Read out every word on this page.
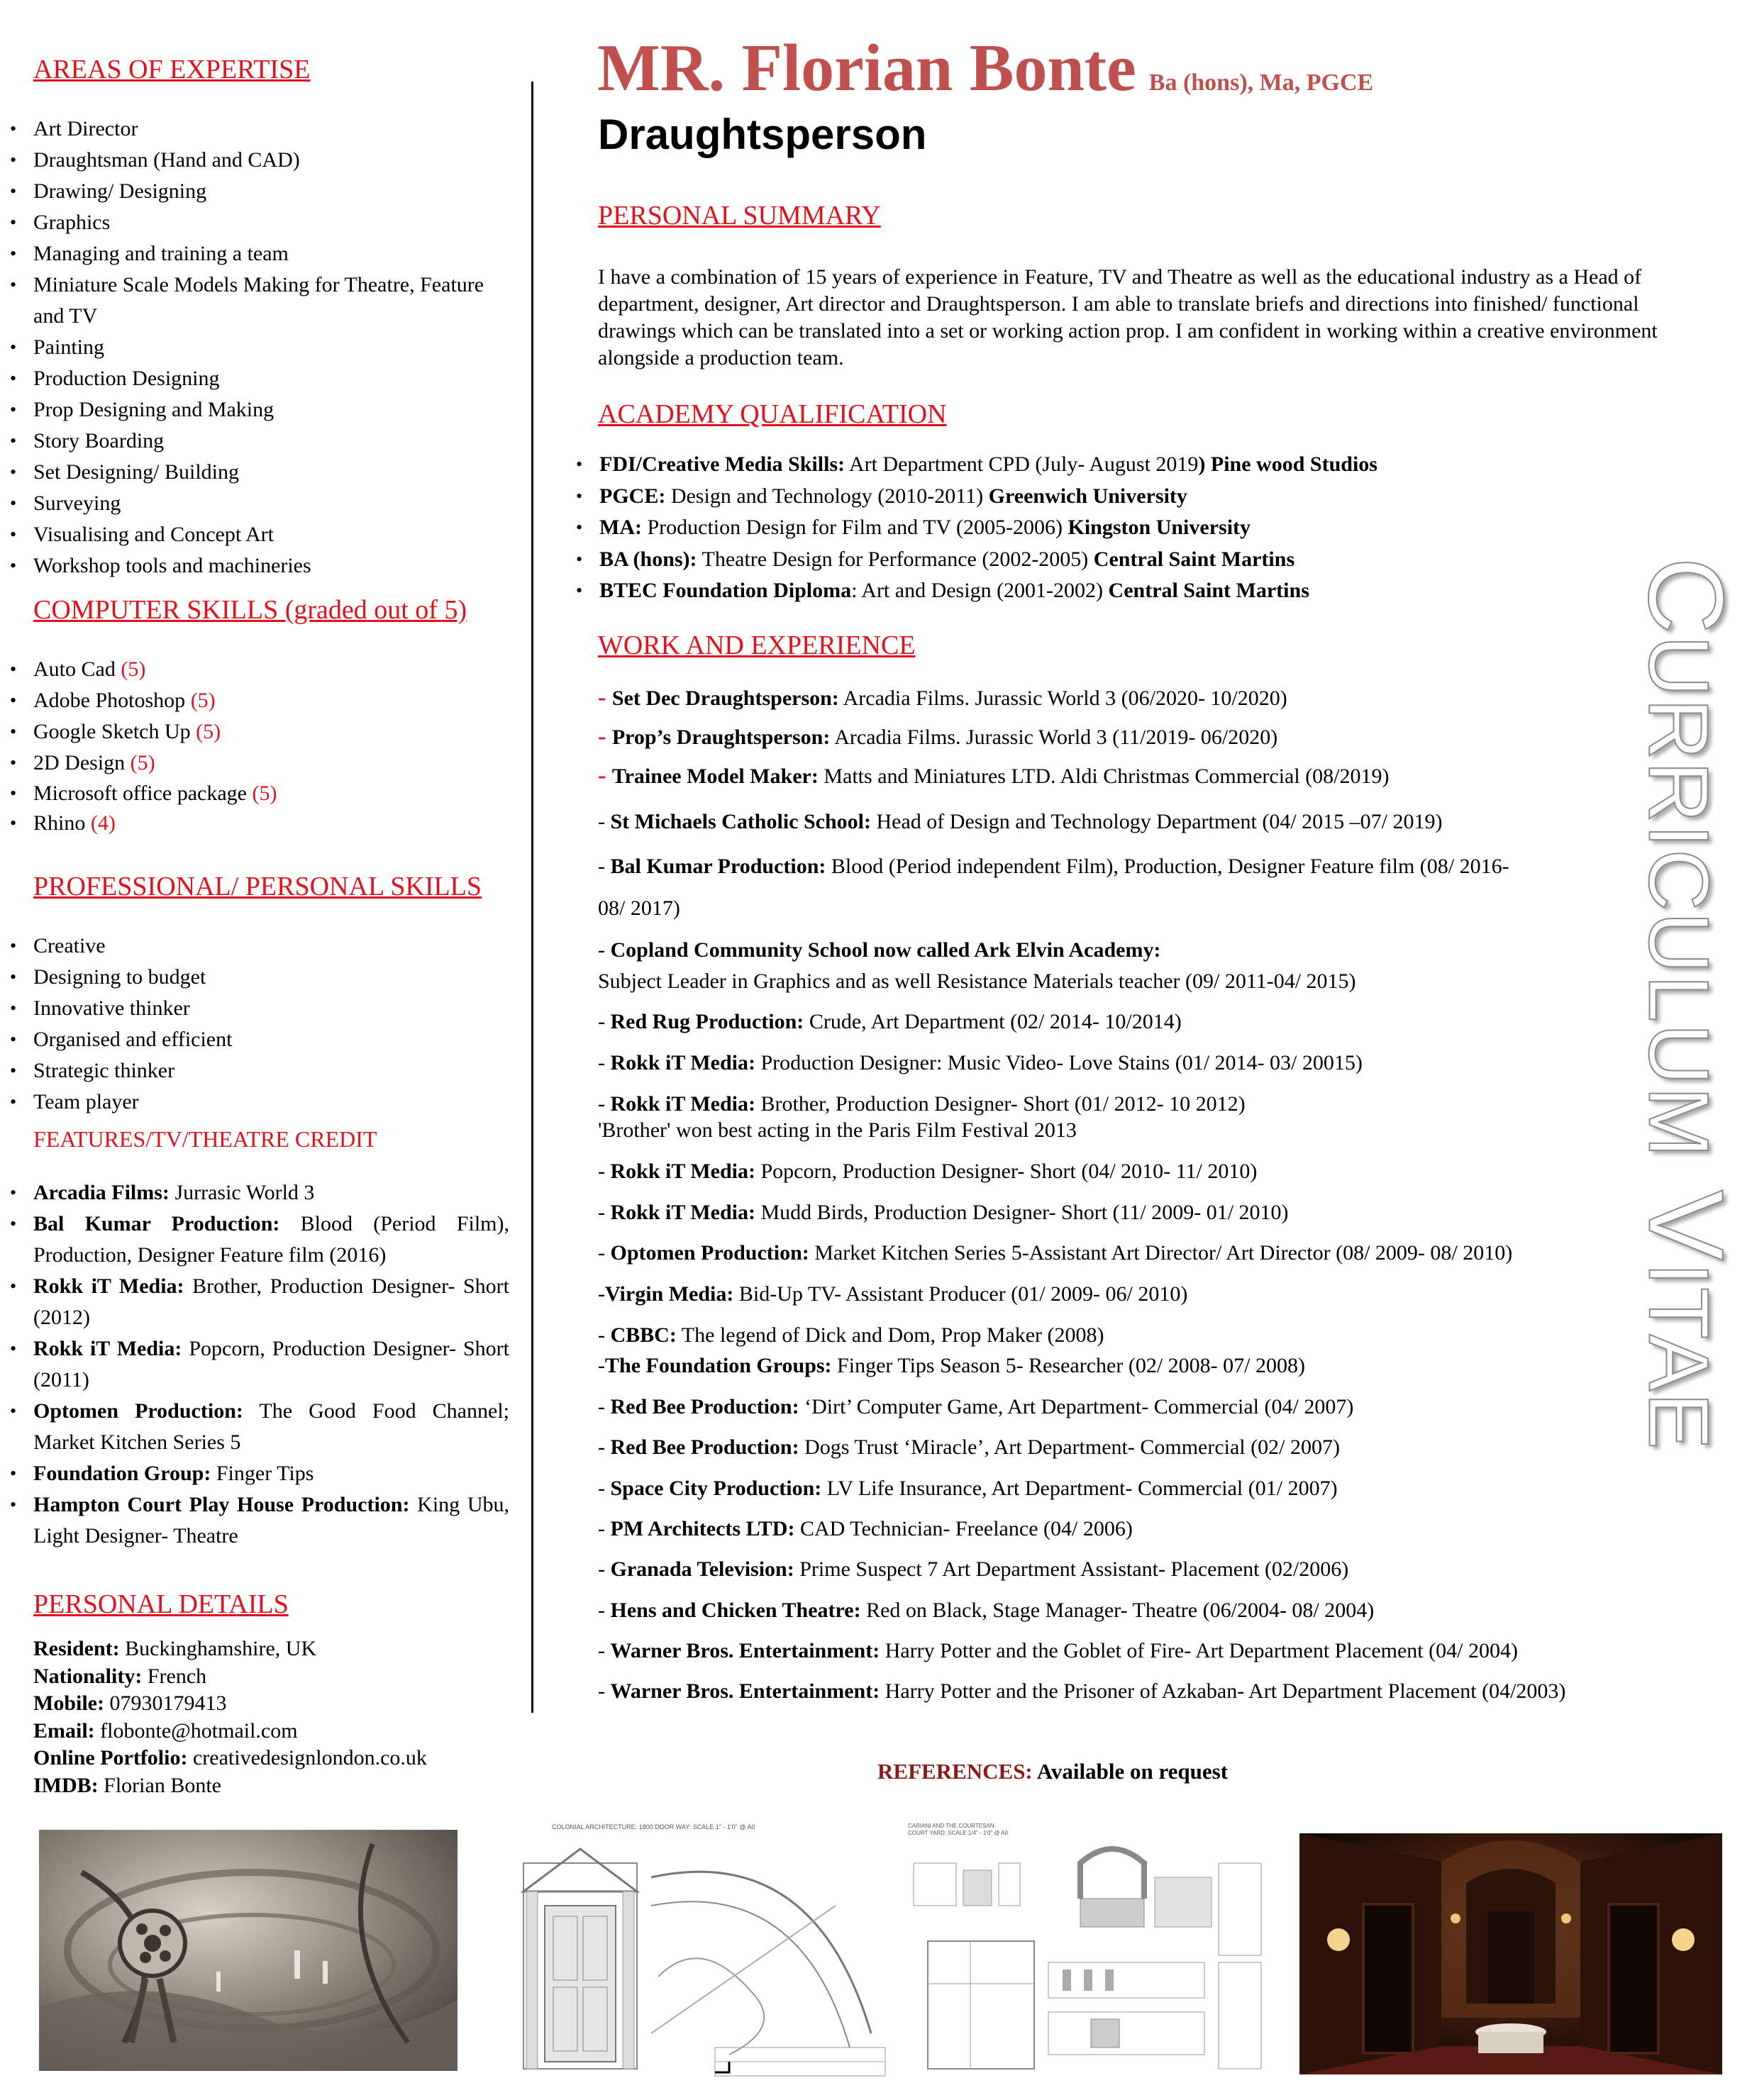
AREAS OF EXPERTISE
• Art Director
• Draughtsman (Hand and CAD)
• Drawing/ Designing
• Graphics
• Managing and training a team
• Miniature Scale Models Making for Theatre, Feature and TV
• Painting
• Production Designing
• Prop Designing and Making
• Story Boarding
• Set Designing/ Building
• Surveying
• Visualising and Concept Art
• Workshop tools and machineries
COMPUTER SKILLS (graded out of 5)
• Auto Cad (5)
• Adobe Photoshop (5)
• Google Sketch Up (5)
• 2D Design (5)
• Microsoft office package (5)
• Rhino (4)
PROFESSIONAL/ PERSONAL SKILLS
• Creative
• Designing to budget
• Innovative thinker
• Organised and efficient
• Strategic thinker
• Team player
FEATURES/TV/THEATRE CREDIT
• Arcadia Films: Jurrasic World 3
• Bal Kumar Production: Blood (Period Film), Production, Designer Feature film (2016)
• Rokk iT Media: Brother, Production Designer- Short (2012)
• Rokk iT Media: Popcorn, Production Designer- Short (2011)
• Optomen Production: The Good Food Channel; Market Kitchen Series 5
• Foundation Group: Finger Tips
• Hampton Court Play House Production: King Ubu, Light Designer- Theatre
PERSONAL DETAILS
Resident: Buckinghamshire, UK
Nationality: French
Mobile: 07930179413
Email: flobonte@hotmail.com
Online Portfolio: creativedesignlondon.co.uk
IMDB: Florian Bonte
MR. Florian Bonte Ba (hons), Ma, PGCE
Draughtsperson
PERSONAL SUMMARY
I have a combination of 15 years of experience in Feature, TV and Theatre as well as the educational industry as a Head of department, designer, Art director and Draughtsperson. I am able to translate briefs and directions into finished/ functional drawings which can be translated into a set or working action prop. I am confident in working within a creative environment alongside a production team.
ACADEMY QUALIFICATION
• FDI/Creative Media Skills: Art Department CPD (July- August 2019) Pine wood Studios
• PGCE: Design and Technology (2010-2011) Greenwich University
• MA: Production Design for Film and TV (2005-2006) Kingston University
• BA (hons): Theatre Design for Performance (2002-2005) Central Saint Martins
• BTEC Foundation Diploma: Art and Design (2001-2002) Central Saint Martins
WORK AND EXPERIENCE
- Set Dec Draughtsperson: Arcadia Films. Jurassic World 3 (06/2020- 10/2020)
- Prop’s Draughtsperson: Arcadia Films. Jurassic World 3 (11/2019- 06/2020)
- Trainee Model Maker: Matts and Miniatures LTD. Aldi Christmas Commercial (08/2019)
- St Michaels Catholic School: Head of Design and Technology Department (04/ 2015 –07/ 2019)
- Bal Kumar Production: Blood (Period independent Film), Production, Designer Feature film (08/ 2016-
08/ 2017)
- Copland Community School now called Ark Elvin Academy:
Subject Leader in Graphics and as well Resistance Materials teacher (09/ 2011-04/ 2015)
- Red Rug Production: Crude, Art Department (02/ 2014- 10/2014)
- Rokk iT Media: Production Designer: Music Video- Love Stains (01/ 2014- 03/ 20015)
- Rokk iT Media: Brother, Production Designer- Short (01/ 2012- 10 2012)
'Brother' won best acting in the Paris Film Festival 2013
- Rokk iT Media: Popcorn, Production Designer- Short (04/ 2010- 11/ 2010)
- Rokk iT Media: Mudd Birds, Production Designer- Short (11/ 2009- 01/ 2010)
- Optomen Production: Market Kitchen Series 5-Assistant Art Director/ Art Director (08/ 2009- 08/ 2010)
-Virgin Media: Bid-Up TV- Assistant Producer (01/ 2009- 06/ 2010)
- CBBC: The legend of Dick and Dom, Prop Maker (2008)
-The Foundation Groups: Finger Tips Season 5- Researcher (02/ 2008- 07/ 2008)
- Red Bee Production: ‘Dirt’ Computer Game, Art Department- Commercial (04/ 2007)
- Red Bee Production: Dogs Trust ‘Miracle’, Art Department- Commercial (02/ 2007)
- Space City Production: LV Life Insurance, Art Department- Commercial (01/ 2007)
- PM Architects LTD: CAD Technician- Freelance (04/ 2006)
- Granada Television: Prime Suspect 7 Art Department Assistant- Placement (02/2006)
- Hens and Chicken Theatre: Red on Black, Stage Manager- Theatre (06/2004- 08/ 2004)
- Warner Bros. Entertainment: Harry Potter and the Goblet of Fire- Art Department Placement (04/ 2004)
- Warner Bros. Entertainment: Harry Potter and the Prisoner of Azkaban- Art Department Placement (04/2003)
CURRICULUM VITAE
REFERENCES: Available on request
COLONIAL ARCHITECTURE: 1800 DOOR WAY: SCALE 1" - 1'0" @ A0	CARIANI AND THE COURTESAN-
COURT YARD: SCALE 1/4" - 1'0" @ A0
